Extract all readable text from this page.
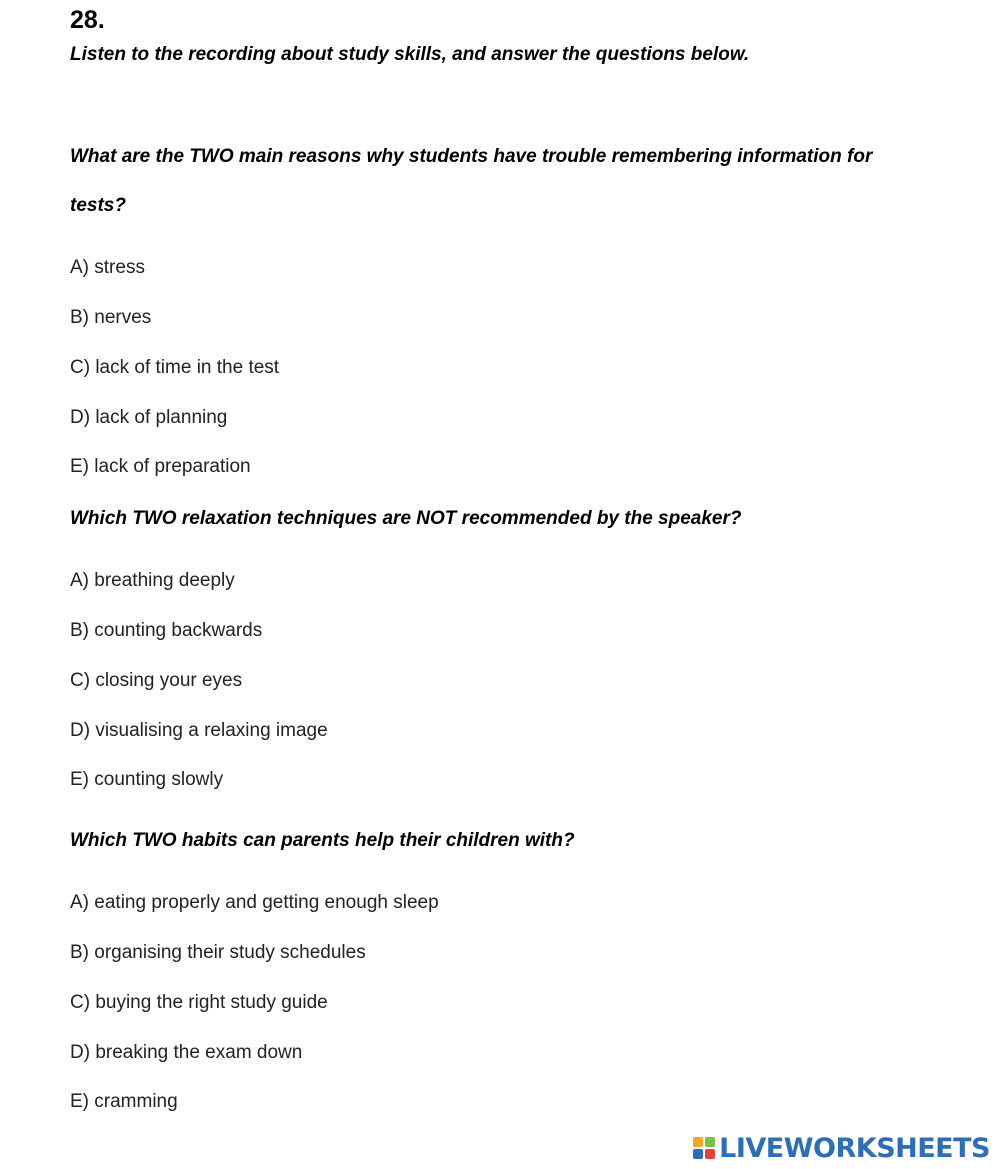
28.
Listen to the recording about study skills, and answer the questions below.
What are the TWO main reasons why students have trouble remembering information for
tests?
A) stress
B) nerves
C) lack of time in the test
D) lack of planning
E) lack of preparation
Which TWO relaxation techniques are NOT recommended by the speaker?
A) breathing deeply
B) counting backwards
C) closing your eyes
D) visualising a relaxing image
E) counting slowly
Which TWO habits can parents help their children with?
A) eating properly and getting enough sleep
B) organising their study schedules
C) buying the right study guide
D) breaking the exam down
E) cramming
LIVEWORKSHEETS
